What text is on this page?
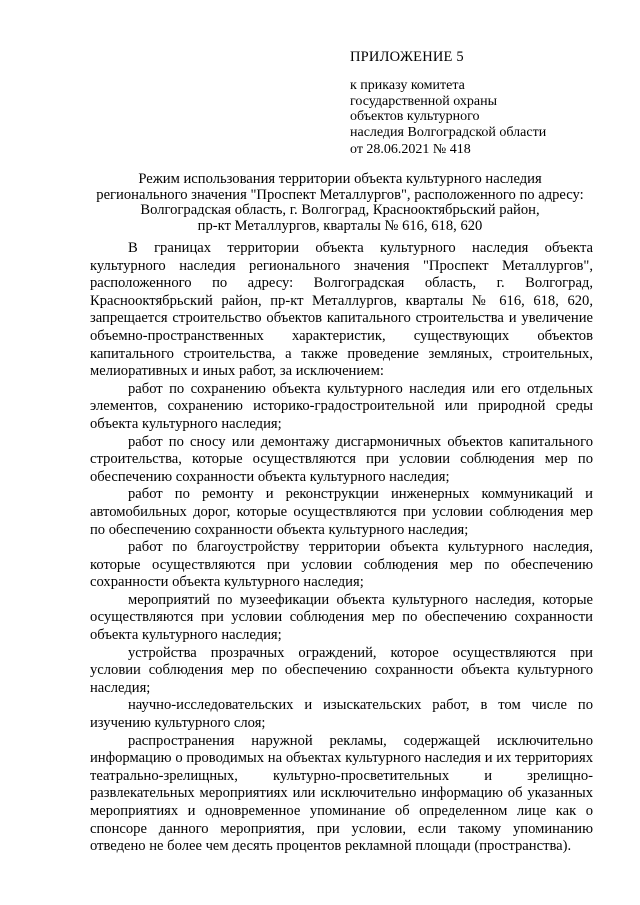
ПРИЛОЖЕНИЕ 5
к приказу комитета
государственной охраны
объектов культурного
наследия Волгоградской области
от 28.06.2021 № 418
Режим использования территории объекта культурного наследия
регионального значения "Проспект Металлургов", расположенного по адресу:
Волгоградская область, г. Волгоград, Краснооктябрьский район,
пр-кт Металлургов, кварталы № 616, 618, 620

В границах территории объекта культурного наследия объекта культурного наследия регионального значения "Проспект Металлургов", расположенного по адресу: Волгоградская область, г. Волгоград, Краснооктябрьский район, пр-кт Металлургов, кварталы № 616, 618, 620, запрещается строительство объектов капитального строительства и увеличение объемно-пространственных характеристик, существующих объектов капитального строительства, а также проведение земляных, строительных, мелиоративных и иных работ, за исключением:

работ по сохранению объекта культурного наследия или его отдельных элементов, сохранению историко-градостроительной или природной среды объекта культурного наследия;

работ по сносу или демонтажу дисгармоничных объектов капитального строительства, которые осуществляются при условии соблюдения мер по обеспечению сохранности объекта культурного наследия;

работ по ремонту и реконструкции инженерных коммуникаций и автомобильных дорог, которые осуществляются при условии соблюдения мер по обеспечению сохранности объекта культурного наследия;

работ по благоустройству территории объекта культурного наследия, которые осуществляются при условии соблюдения мер по обеспечению сохранности объекта культурного наследия;

мероприятий по музеефикации объекта культурного наследия, которые осуществляются при условии соблюдения мер по обеспечению сохранности объекта культурного наследия;

устройства прозрачных ограждений, которое осуществляются при условии соблюдения мер по обеспечению сохранности объекта культурного наследия;

научно-исследовательских и изыскательских работ, в том числе по изучению культурного слоя;

распространения наружной рекламы, содержащей исключительно информацию о проводимых на объектах культурного наследия и их территориях театрально-зрелищных, культурно-просветительных и зрелищно-развлекательных мероприятиях или исключительно информацию об указанных мероприятиях и одновременное упоминание об определенном лице как о спонсоре данного мероприятия, при условии, если такому упоминанию отведено не более чем десять процентов рекламной площади (пространства).
